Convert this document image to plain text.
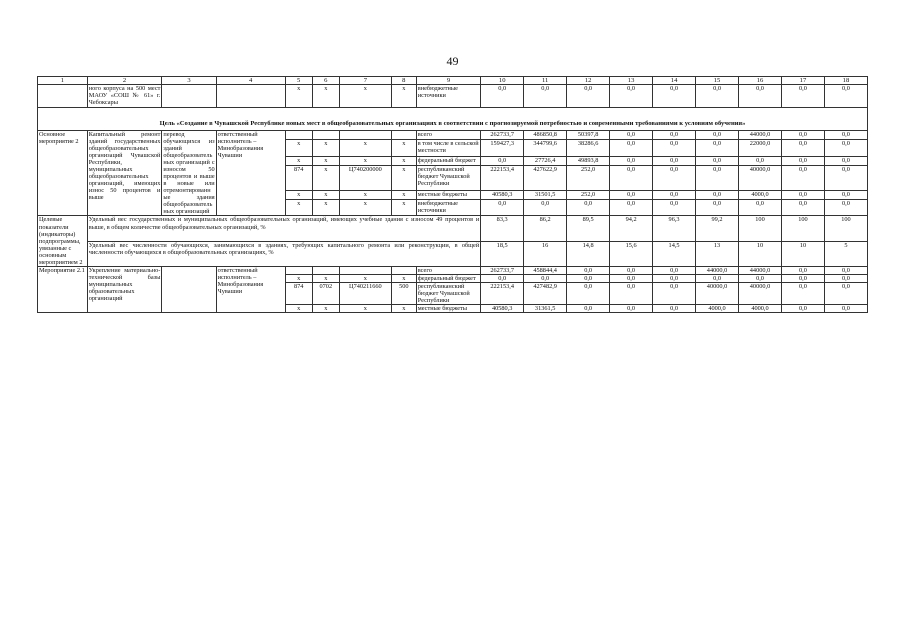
49
1	2	3	4	5	6	7	8	9	10	11	12	13	14	15	16	17	18
	ного корпуса на 500 мест МАОУ «СОШ № 61» г. Чебоксары			x	x	x	x	внебюджетные источники	0,0	0,0	0,0	0,0	0,0	0,0	0,0	0,0	0,0
Цель «Создание в Чувашской Республике новых мест в общеобразовательных организациях в соответствии с прогнозируемой потребностью и современными требованиями к условиям обучения»																	
Основное мероприятие 2	Капитальный ремонт зданий государственных общеобразовательных организаций Чувашской Республики, муниципальных общеобразовательных организаций, имеющих износ 50 процентов и выше	перевод обучающихся из зданий общеобразовательных организаций с износом 50 процентов и выше в новые или отремонтированные здания общеобразовательных организаций	ответственный исполнитель – Минобразования Чувашии					всего	262733,7	486850,8	50397,8	0,0	0,0	0,0	44000,0	0,0	0,0
				x	x	x	x	в том числе в сельской местности	159427,3	344799,6	38286,6	0,0	0,0	0,0	22000,0	0,0	0,0
				x	x	x	x	федеральный бюджет	0,0	27726,4	49893,8	0,0	0,0	0,0	0,0	0,0	0,0
				874	x	Ц740200000	x	республиканский бюджет Чувашской Республики	222153,4	427622,9	252,0	0,0	0,0	0,0	40000,0	0,0	0,0
				x	x	x	x	местные бюджеты	40580,3	31501,5	252,0	0,0	0,0	0,0	4000,0	0,0	0,0
				x	x	x	x	внебюджетные источники	0,0	0,0	0,0	0,0	0,0	0,0	0,0	0,0	0,0
Целевые показатели (индикаторы) подпрограммы, увязанные с основным мероприятием 2	Удельный вес государственных и муниципальных общеобразовательных организаций, имеющих учебные здания с износом 49 процентов и выше, в общем количестве общеобразовательных организаций, %								83,3	86,2	89,5	94,2	96,3	99,2	100	100	100
	Удельный вес численности обучающихся, занимающихся в зданиях, требующих капитального ремонта или реконструкции, в общей численности обучающихся в общеобразовательных организациях, %								18,5	16	14,8	15,6	14,5	13	10	10	5
Мероприятие 2.1	Укрепление материально-технической базы муниципальных образовательных организаций		ответственный исполнитель – Минобразования Чувашии					всего	262733,7	458844,4	0,0	0,0	0,0	44000,0	44000,0	0,0	0,0
				x	x	x	x	федеральный бюджет	0,0	0,0	0,0	0,0	0,0	0,0	0,0	0,0	0,0
				874	0702	Ц740211660	500	республиканский бюджет Чувашской Республики	222153,4	427482,9	0,0	0,0	0,0	40000,0	40000,0	0,0	0,0
				x	x	x	x	местные бюджеты	40580,3	31361,5	0,0	0,0	0,0	4000,0	4000,0	0,0	0,0
